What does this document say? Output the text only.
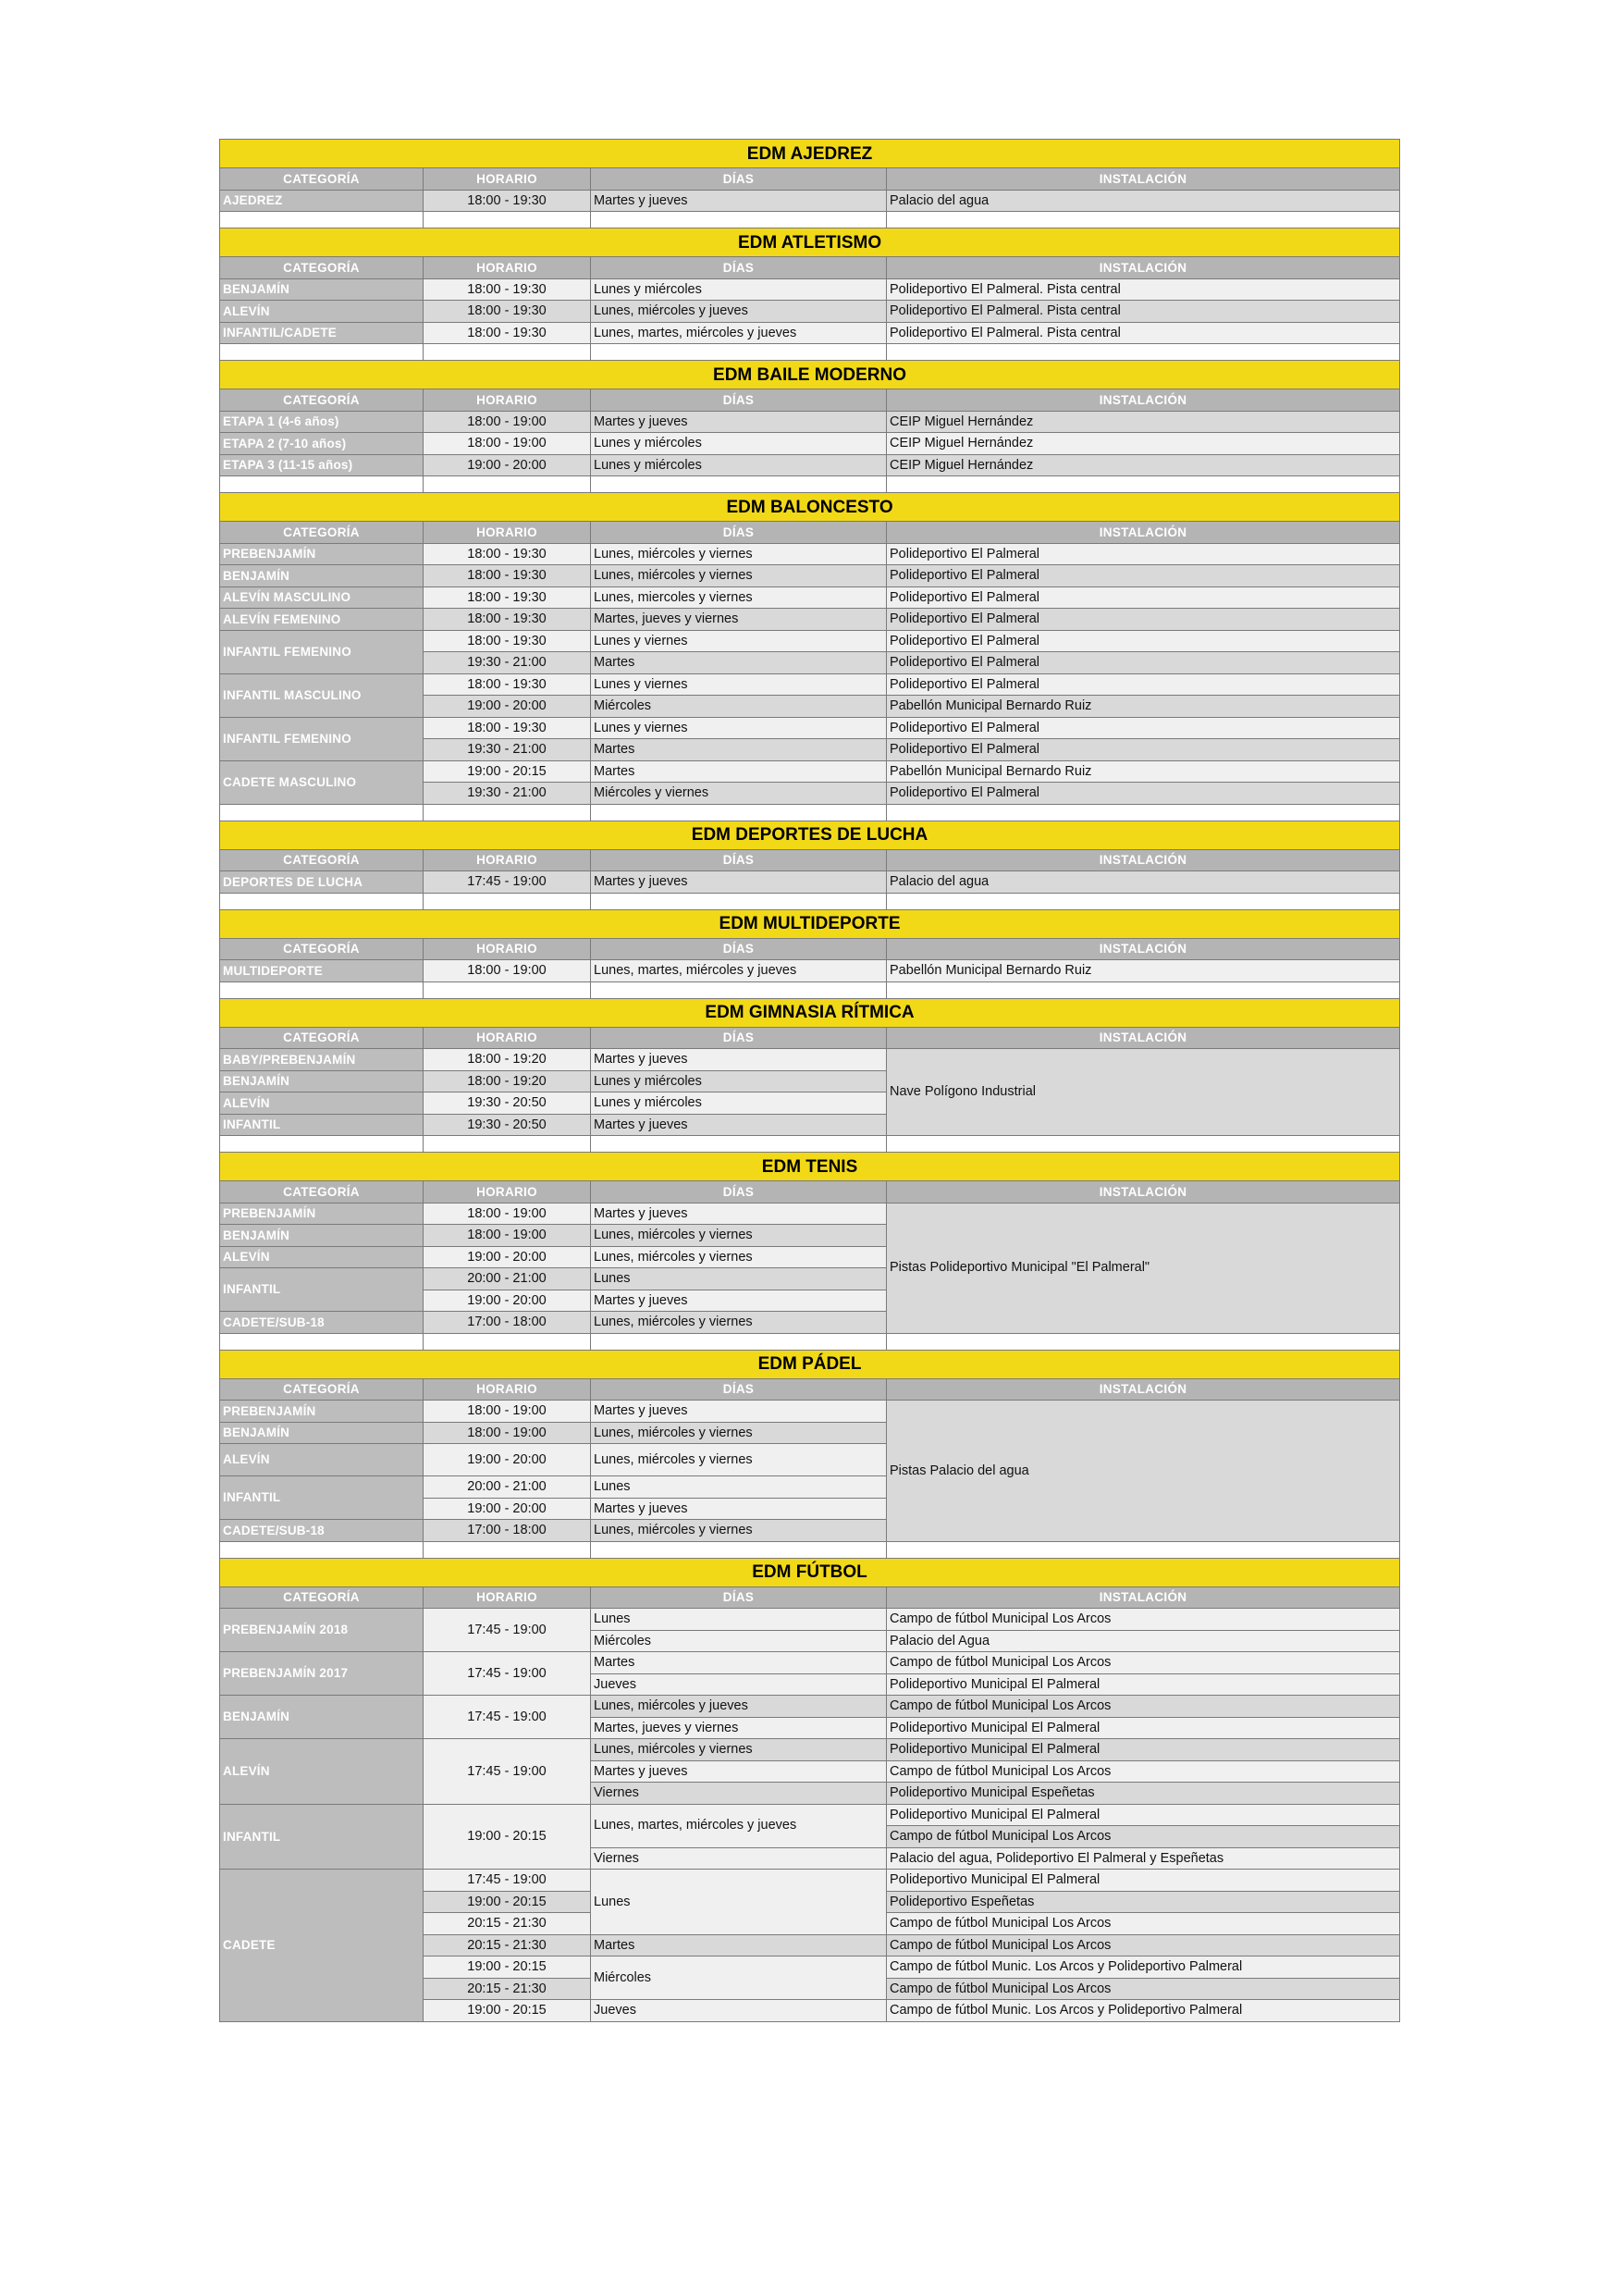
EDM AJEDREZ			
CATEGORÍA	HORARIO	DÍAS	INSTALACIÓN
AJEDREZ	18:00 - 19:30	Martes y jueves	Palacio del agua

EDM ATLETISMO			
CATEGORÍA	HORARIO	DÍAS	INSTALACIÓN
BENJAMÍN	18:00 - 19:30	Lunes y miércoles	Polideportivo El Palmeral. Pista central
ALEVÍN	18:00 - 19:30	Lunes, miércoles y jueves	Polideportivo El Palmeral. Pista central
INFANTIL/CADETE	18:00 - 19:30	Lunes, martes, miércoles y jueves	Polideportivo El Palmeral. Pista central

EDM BAILE MODERNO			
CATEGORÍA	HORARIO	DÍAS	INSTALACIÓN
ETAPA 1 (4-6 años)	18:00 - 19:00	Martes y jueves	CEIP Miguel Hernández
ETAPA 2 (7-10 años)	18:00 - 19:00	Lunes y miércoles	CEIP Miguel Hernández
ETAPA 3 (11-15 años)	19:00 - 20:00	Lunes y miércoles	CEIP Miguel Hernández

EDM BALONCESTO			
CATEGORÍA	HORARIO	DÍAS	INSTALACIÓN
PREBENJAMÍN	18:00 - 19:30	Lunes, miércoles y viernes	Polideportivo El Palmeral
BENJAMÍN	18:00 - 19:30	Lunes, miércoles y viernes	Polideportivo El Palmeral
ALEVÍN MASCULINO	18:00 - 19:30	Lunes, miercoles y viernes	Polideportivo El Palmeral
ALEVÍN FEMENINO	18:00 - 19:30	Martes, jueves y viernes	Polideportivo El Palmeral
INFANTIL FEMENINO	18:00 - 19:30	Lunes y viernes	Polideportivo El Palmeral
	19:30 - 21:00	Martes	Polideportivo El Palmeral
INFANTIL MASCULINO	18:00 - 19:30	Lunes y viernes	Polideportivo El Palmeral
	19:00 - 20:00	Miércoles	Pabellón Municipal Bernardo Ruiz
INFANTIL FEMENINO	18:00 - 19:30	Lunes y viernes	Polideportivo El Palmeral
	19:30 - 21:00	Martes	Polideportivo El Palmeral
CADETE MASCULINO	19:00 - 20:15	Martes	Pabellón Municipal Bernardo Ruiz
	19:30 - 21:00	Miércoles y viernes	Polideportivo El Palmeral

EDM DEPORTES DE LUCHA			
CATEGORÍA	HORARIO	DÍAS	INSTALACIÓN
DEPORTES DE LUCHA	17:45 - 19:00	Martes y jueves	Palacio del agua

EDM MULTIDEPORTE			
CATEGORÍA	HORARIO	DÍAS	INSTALACIÓN
MULTIDEPORTE	18:00 - 19:00	Lunes, martes, miércoles y jueves	Pabellón Municipal Bernardo Ruiz

EDM GIMNASIA RÍTMICA			
CATEGORÍA	HORARIO	DÍAS	INSTALACIÓN
BABY/PREBENJAMÍN	18:00 - 19:20	Martes y jueves	Nave Polígono Industrial
BENJAMÍN	18:00 - 19:20	Lunes y miércoles	
ALEVÍN	19:30 - 20:50	Lunes y miércoles	
INFANTIL	19:30 - 20:50	Martes y jueves	

EDM TENIS			
CATEGORÍA	HORARIO	DÍAS	INSTALACIÓN
PREBENJAMÍN	18:00 - 19:00	Martes y jueves	Pistas Polideportivo Municipal "El Palmeral"
BENJAMÍN	18:00 - 19:00	Lunes, miércoles y viernes	
ALEVÍN	19:00 - 20:00	Lunes, miércoles y viernes	
INFANTIL	20:00 - 21:00	Lunes	
	19:00 - 20:00	Martes y jueves	
CADETE/SUB-18	17:00 - 18:00	Lunes, miércoles y viernes	

EDM PÁDEL			
CATEGORÍA	HORARIO	DÍAS	INSTALACIÓN
PREBENJAMÍN	18:00 - 19:00	Martes y jueves	Pistas Palacio del agua
BENJAMÍN	18:00 - 19:00	Lunes, miércoles y viernes	
ALEVÍN	19:00 - 20:00	Lunes, miércoles y viernes	
INFANTIL	20:00 - 21:00	Lunes	
	19:00 - 20:00	Martes y jueves	
CADETE/SUB-18	17:00 - 18:00	Lunes, miércoles y viernes	

EDM FÚTBOL			
CATEGORÍA	HORARIO	DÍAS	INSTALACIÓN
PREBENJAMÍN 2018	17:45 - 19:00	Lunes	Campo de fútbol Municipal Los Arcos
		Miércoles	Palacio del Agua
PREBENJAMÍN 2017	17:45 - 19:00	Martes	Campo de fútbol Municipal Los Arcos
		Jueves	Polideportivo Municipal El Palmeral
BENJAMÍN	17:45 - 19:00	Lunes, miércoles y jueves	Campo de fútbol Municipal Los Arcos
		Martes, jueves y viernes	Polideportivo Municipal El Palmeral
ALEVÍN	17:45 - 19:00	Lunes, miércoles y viernes	Polideportivo Municipal El Palmeral
		Martes y jueves	Campo de fútbol Municipal Los Arcos
		Viernes	Polideportivo Municipal Espeñetas
INFANTIL	19:00 - 20:15	Lunes, martes, miércoles y jueves	Polideportivo Municipal El Palmeral
			Campo de fútbol Municipal Los Arcos
		Viernes	Palacio del agua, Polideportivo El Palmeral y Espeñetas
CADETE	17:45 - 19:00	Lunes	Polideportivo Municipal El Palmeral
	19:00 - 20:15		Polideportivo Espeñetas
	20:15 - 21:30		Campo de fútbol Municipal Los Arcos
	20:15 - 21:30	Martes	Campo de fútbol Municipal Los Arcos
	19:00 - 20:15	Miércoles	Campo de fútbol Munic. Los Arcos y Polideportivo Palmeral
	20:15 - 21:30		Campo de fútbol Municipal Los Arcos
	19:00 - 20:15	Jueves	Campo de fútbol Munic. Los Arcos y Polideportivo Palmeral
